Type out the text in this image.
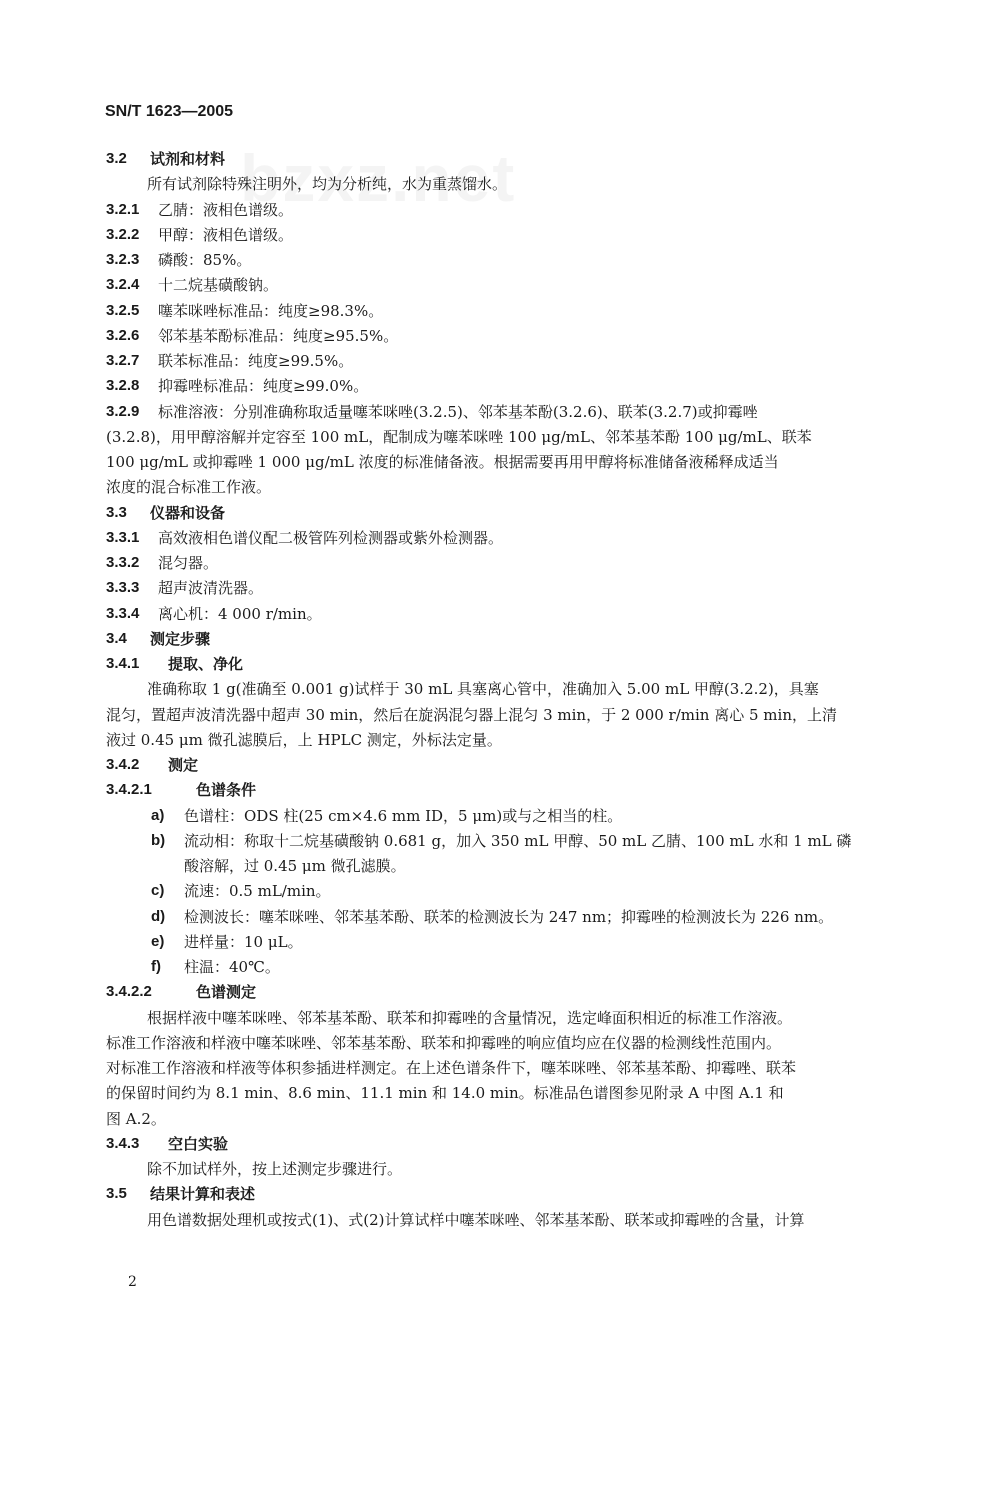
SN/T 1623—2005
3.2 试剂和材料
所有试剂除特殊注明外，均为分析纯，水为重蒸馏水。
3.2.1 乙腈：液相色谱级。
3.2.2 甲醇：液相色谱级。
3.2.3 磷酸：85%。
3.2.4 十二烷基磺酸钠。
3.2.5 噻苯咪唑标准品：纯度≥98.3%。
3.2.6 邻苯基苯酚标准品：纯度≥95.5%。
3.2.7 联苯标准品：纯度≥99.5%。
3.2.8 抑霉唑标准品：纯度≥99.0%。
3.2.9 标准溶液：分别准确称取适量噻苯咪唑(3.2.5)、邻苯基苯酚(3.2.6)、联苯(3.2.7)或抑霉唑
(3.2.8)，用甲醇溶解并定容至 100 mL，配制成为噻苯咪唑 100 μg/mL、邻苯基苯酚 100 μg/mL、联苯
100 μg/mL 或抑霉唑 1 000 μg/mL 浓度的标准储备液。根据需要再用甲醇将标准储备液稀释成适当
浓度的混合标准工作液。
3.3 仪器和设备
3.3.1 高效液相色谱仪配二极管阵列检测器或紫外检测器。
3.3.2 混匀器。
3.3.3 超声波清洗器。
3.3.4 离心机：4 000 r/min。
3.4 测定步骤
3.4.1 提取、净化
准确称取 1 g(准确至 0.001 g)试样于 30 mL 具塞离心管中，准确加入 5.00 mL 甲醇(3.2.2)，具塞
混匀，置超声波清洗器中超声 30 min，然后在旋涡混匀器上混匀 3 min，于 2 000 r/min 离心 5 min，上清
液过 0.45 μm 微孔滤膜后，上 HPLC 测定，外标法定量。
3.4.2 测定
3.4.2.1	色谱条件
a) 色谱柱：ODS 柱(25 cm×4.6 mm ID，5 μm)或与之相当的柱。
b) 流动相：称取十二烷基磺酸钠 0.681 g，加入 350 mL 甲醇、50 mL 乙腈、100 mL 水和 1 mL 磷
酸溶解，过 0.45 μm 微孔滤膜。
c) 流速：0.5 mL/min。
d) 检测波长：噻苯咪唑、邻苯基苯酚、联苯的检测波长为 247 nm；抑霉唑的检测波长为 226 nm。
e) 进样量：10 μL。
f) 柱温：40℃。
3.4.2.2	色谱测定
根据样液中噻苯咪唑、邻苯基苯酚、联苯和抑霉唑的含量情况，选定峰面积相近的标准工作溶液。
标准工作溶液和样液中噻苯咪唑、邻苯基苯酚、联苯和抑霉唑的响应值均应在仪器的检测线性范围内。
对标准工作溶液和样液等体积参插进样测定。在上述色谱条件下，噻苯咪唑、邻苯基苯酚、抑霉唑、联苯
的保留时间约为 8.1 min、8.6 min、11.1 min 和 14.0 min。标准品色谱图参见附录 A 中图 A.1 和
图 A.2。
3.4.3 空白实验
除不加试样外，按上述测定步骤进行。
3.5 结果计算和表述
用色谱数据处理机或按式(1)、式(2)计算试样中噻苯咪唑、邻苯基苯酚、联苯或抑霉唑的含量，计算
2
